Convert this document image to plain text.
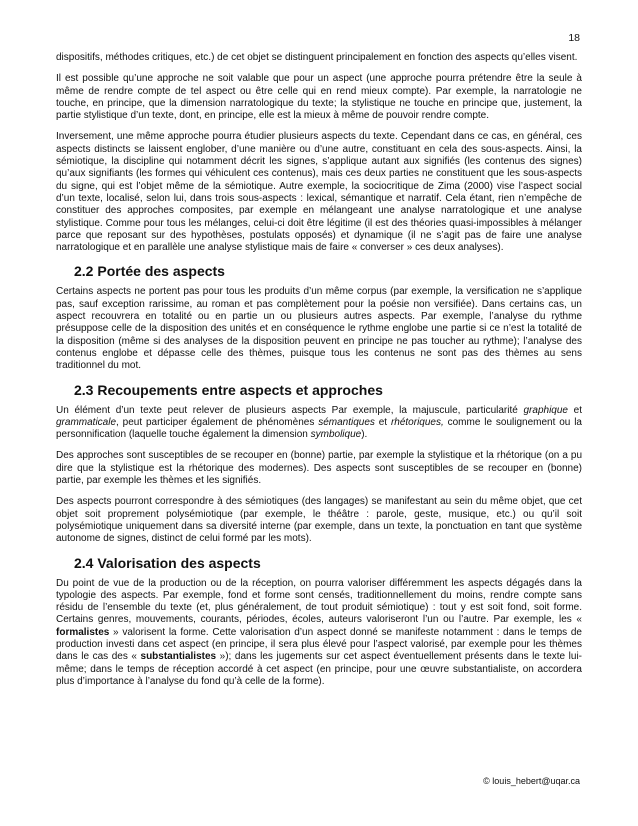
18

dispositifs, méthodes critiques, etc.) de cet objet se distinguent principalement en fonction des aspects qu’elles visent.

Il est possible qu’une approche ne soit valable que pour un aspect (une approche pourra prétendre être la seule à même de rendre compte de tel aspect ou être celle qui en rend mieux compte). Par exemple, la narratologie ne touche, en principe, que la dimension narratologique du texte; la stylistique ne touche en principe que, justement, la partie stylistique d’un texte, dont, en principe, elle est la mieux à même de pouvoir rendre compte.

Inversement, une même approche pourra étudier plusieurs aspects du texte. Cependant dans ce cas, en général, ces aspects distincts se laissent englober, d’une manière ou d’une autre, constituant en cela des sous-aspects. Ainsi, la sémiotique, la discipline qui notamment décrit les signes, s’applique autant aux signifiés (les contenus des signes) qu’aux signifiants (les formes qui véhiculent ces contenus), mais ces deux parties ne constituent que les sous-aspects du signe, qui est l’objet même de la sémiotique. Autre exemple, la sociocritique de Zima (2000) vise l’aspect social d’un texte, localisé, selon lui, dans trois sous-aspects : lexical, sémantique et narratif. Cela étant, rien n’empêche de constituer des approches composites, par exemple en mélangeant une analyse narratologique et une analyse stylistique. Comme pour tous les mélanges, celui-ci doit être légitime (il est des théories quasi-impossibles à mélanger parce que reposant sur des hypothèses, postulats opposés) et dynamique (il ne s’agit pas de faire une analyse narratologique et en parallèle une analyse stylistique mais de faire « converser » ces deux analyses).

2.2 Portée des aspects

Certains aspects ne portent pas pour tous les produits d’un même corpus (par exemple, la versification ne s’applique pas, sauf exception rarissime, au roman et pas complètement pour la poésie non versifiée). Dans certains cas, un aspect recouvrera en totalité ou en partie un ou plusieurs autres aspects. Par exemple, l’analyse du rythme présuppose celle de la disposition des unités et en conséquence le rythme englobe une partie si ce n’est la totalité de la disposition (même si des analyses de la disposition peuvent en principe ne pas toucher au rythme); l’analyse des contenus englobe et dépasse celle des thèmes, puisque tous les contenus ne sont pas des thèmes au sens traditionnel du mot.

2.3 Recoupements entre aspects et approches

Un élément d’un texte peut relever de plusieurs aspects Par exemple, la majuscule, particularité graphique et grammaticale, peut participer également de phénomènes sémantiques et rhétoriques, comme le soulignement ou la personnification (laquelle touche également la dimension symbolique).

Des approches sont susceptibles de se recouper en (bonne) partie, par exemple la stylistique et la rhétorique (on a pu dire que la stylistique est la rhétorique des modernes). Des aspects sont susceptibles de se recouper en (bonne) partie, par exemple les thèmes et les signifiés.

Des aspects pourront correspondre à des sémiotiques (des langages) se manifestant au sein du même objet, que cet objet soit proprement polysémiotique (par exemple, le théâtre : parole, geste, musique, etc.) ou qu’il soit polysémiotique uniquement dans sa diversité interne (par exemple, dans un texte, la ponctuation en tant que système autonome de signes, distinct de celui formé par les mots).

2.4 Valorisation des aspects

Du point de vue de la production ou de la réception, on pourra valoriser différemment les aspects dégagés dans la typologie des aspects. Par exemple, fond et forme sont censés, traditionnellement du moins, rendre compte sans résidu de l’ensemble du texte (et, plus généralement, de tout produit sémiotique) : tout y est soit fond, soit forme. Certains genres, mouvements, courants, périodes, écoles, auteurs valoriseront l’un ou l’autre. Par exemple, les « formalistes » valorisent la forme. Cette valorisation d’un aspect donné se manifeste notamment : dans le temps de production investi dans cet aspect (en principe, il sera plus élevé pour l’aspect valorisé, par exemple pour les thèmes dans le cas des « substantialistes »); dans les jugements sur cet aspect éventuellement présents dans le texte lui-même; dans le temps de réception accordé à cet aspect (en principe, pour une œuvre substantialiste, on accordera plus d’importance à l’analyse du fond qu’à celle de la forme).

© louis_hebert@uqar.ca
